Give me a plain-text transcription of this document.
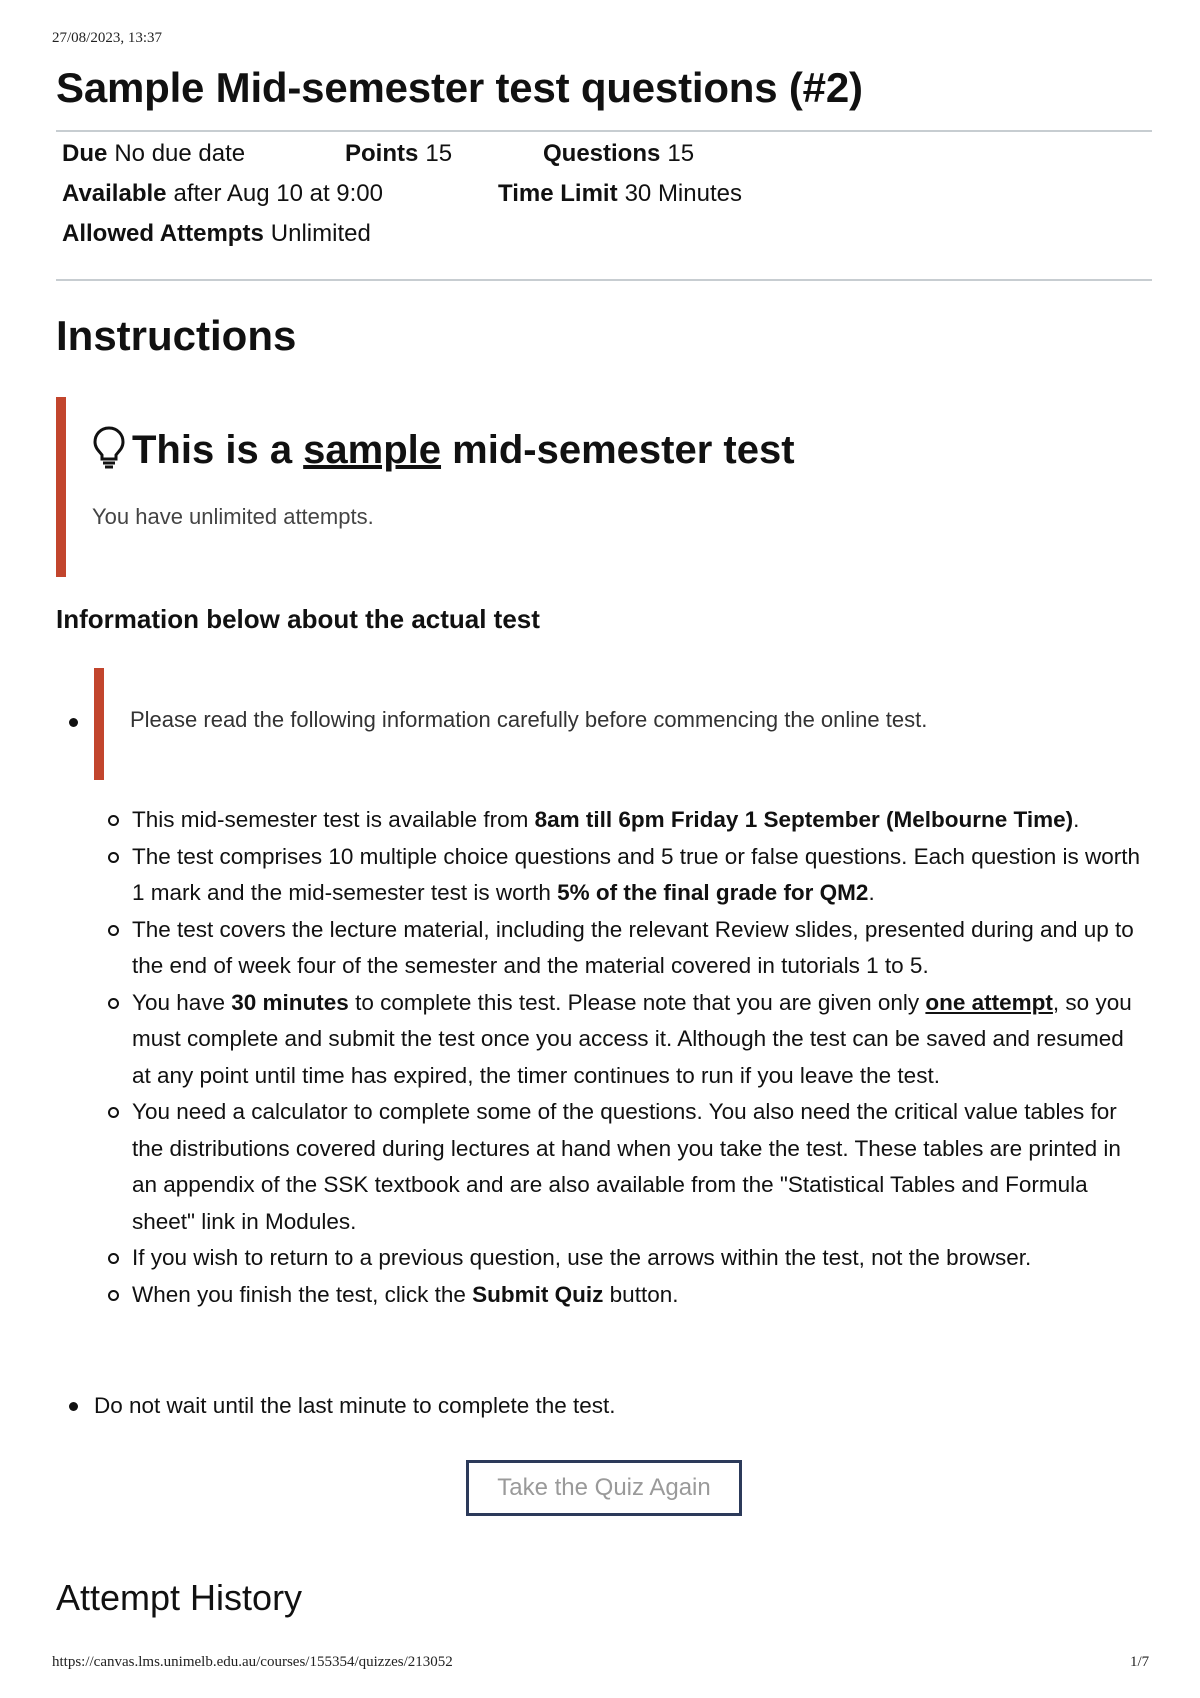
27/08/2023, 13:37
Sample Mid-semester test questions (#2)
Due No due date	Points 15	Questions 15
Available after Aug 10 at 9:00	Time Limit 30 Minutes
Allowed Attempts Unlimited
Instructions
This is a sample mid-semester test
You have unlimited attempts.
Information below about the actual test
Please read the following information carefully before commencing the online test.
This mid-semester test is available from 8am till 6pm Friday 1 September (Melbourne Time).
The test comprises 10 multiple choice questions and 5 true or false questions. Each question is worth 1 mark and the mid-semester test is worth 5% of the final grade for QM2.
The test covers the lecture material, including the relevant Review slides, presented during and up to the end of week four of the semester and the material covered in tutorials 1 to 5.
You have 30 minutes to complete this test. Please note that you are given only one attempt, so you must complete and submit the test once you access it. Although the test can be saved and resumed at any point until time has expired, the timer continues to run if you leave the test.
You need a calculator to complete some of the questions. You also need the critical value tables for the distributions covered during lectures at hand when you take the test. These tables are printed in an appendix of the SSK textbook and are also available from the "Statistical Tables and Formula sheet" link in Modules.
If you wish to return to a previous question, use the arrows within the test, not the browser.
When you finish the test, click the Submit Quiz button.
Do not wait until the last minute to complete the test.
Take the Quiz Again
Attempt History
https://canvas.lms.unimelb.edu.au/courses/155354/quizzes/213052	1/7
